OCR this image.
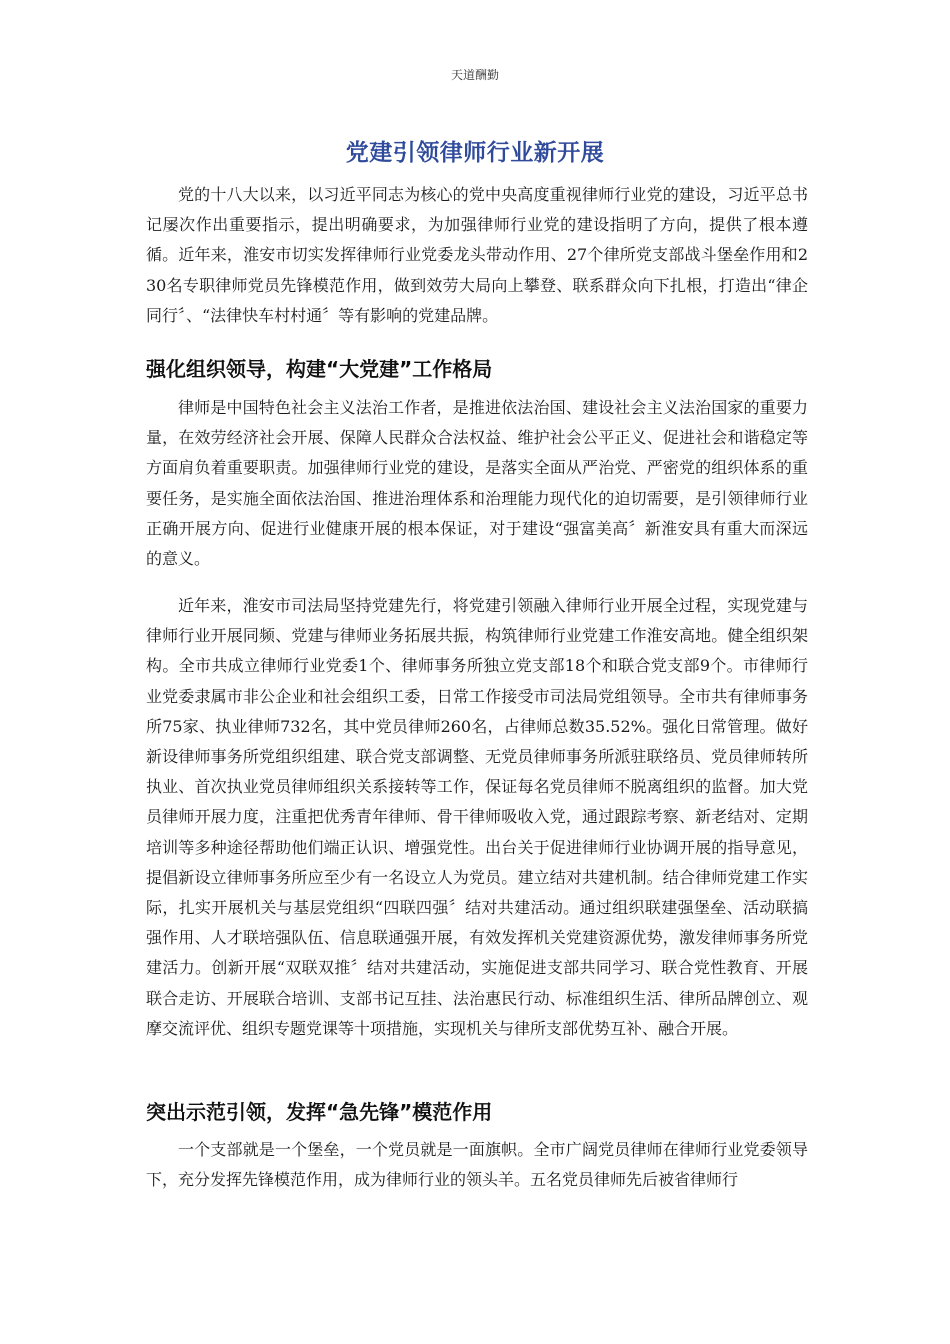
天道酬勤
党建引领律师行业新开展

党的十八大以来，以习近平同志为核心的党中央高度重视律师行业党的建设，习近平总书记屡次作出重要指示，提出明确要求，为加强律师行业党的建设指明了方向，提供了根本遵循。近年来，淮安市切实发挥律师行业党委龙头带动作用、27个律所党支部战斗堡垒作用和230名专职律师党员先锋模范作用，做到效劳大局向上攀登、联系群众向下扎根，打造出“律企同行〞、“法律快车村村通〞等有影响的党建品牌。

强化组织领导，构建“大党建”工作格局

律师是中国特色社会主义法治工作者，是推进依法治国、建设社会主义法治国家的重要力量，在效劳经济社会开展、保障人民群众合法权益、维护社会公平正义、促进社会和谐稳定等方面肩负着重要职责。加强律师行业党的建设，是落实全面从严治党、严密党的组织体系的重要任务，是实施全面依法治国、推进治理体系和治理能力现代化的迫切需要，是引领律师行业正确开展方向、促进行业健康开展的根本保证，对于建设“强富美高〞新淮安具有重大而深远的意义。

近年来，淮安市司法局坚持党建先行，将党建引领融入律师行业开展全过程，实现党建与律师行业开展同频、党建与律师业务拓展共振，构筑律师行业党建工作淮安高地。健全组织架构。全市共成立律师行业党委1个、律师事务所独立党支部18个和联合党支部9个。市律师行业党委隶属市非公企业和社会组织工委，日常工作接受市司法局党组领导。全市共有律师事务所75家、执业律师732名，其中党员律师260名，占律师总数35.52%。强化日常管理。做好新设律师事务所党组织组建、联合党支部调整、无党员律师事务所派驻联络员、党员律师转所执业、首次执业党员律师组织关系接转等工作，保证每名党员律师不脱离组织的监督。加大党员律师开展力度，注重把优秀青年律师、骨干律师吸收入党，通过跟踪考察、新老结对、定期培训等多种途径帮助他们端正认识、增强党性。出台关于促进律师行业协调开展的指导意见，提倡新设立律师事务所应至少有一名设立人为党员。建立结对共建机制。结合律师党建工作实际，扎实开展机关与基层党组织“四联四强〞结对共建活动。通过组织联建强堡垒、活动联搞强作用、人才联培强队伍、信息联通强开展，有效发挥机关党建资源优势，激发律师事务所党建活力。创新开展“双联双推〞结对共建活动，实施促进支部共同学习、联合党性教育、开展联合走访、开展联合培训、支部书记互挂、法治惠民行动、标准组织生活、律所品牌创立、观摩交流评优、组织专题党课等十项措施，实现机关与律所支部优势互补、融合开展。

突出示范引领，发挥“急先锋”模范作用

一个支部就是一个堡垒，一个党员就是一面旗帜。全市广阔党员律师在律师行业党委领导下，充分发挥先锋模范作用，成为律师行业的领头羊。五名党员律师先后被省律师行
